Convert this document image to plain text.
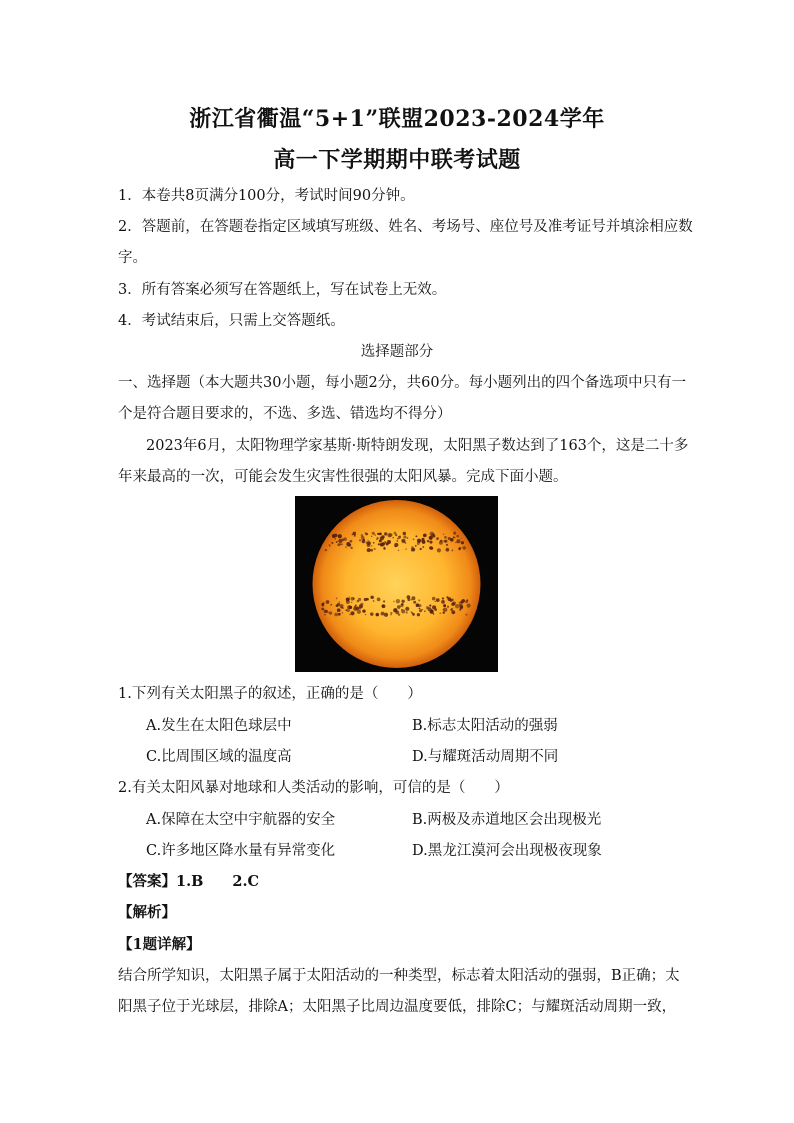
浙江省衢温“5+1”联盟2023-2024学年
高一下学期期中联考试题
1．本卷共8页满分100分，考试时间90分钟。
2．答题前，在答题卷指定区域填写班级、姓名、考场号、座位号及准考证号并填涂相应数
字。
3．所有答案必须写在答题纸上，写在试卷上无效。
4．考试结束后，只需上交答题纸。
选择题部分
一、选择题（本大题共30小题，每小题2分，共60分。每小题列出的四个备选项中只有一
个是符合题目要求的，不选、多选、错选均不得分）
2023年6月，太阳物理学家基斯·斯特朗发现，太阳黑子数达到了163个，这是二十多
年来最高的一次，可能会发生灾害性很强的太阳风暴。完成下面小题。
1.下列有关太阳黑子的叙述，正确的是（　　）
A.发生在太阳色球层中	B.标志太阳活动的强弱
C.比周围区域的温度高	D.与耀斑活动周期不同
2.有关太阳风暴对地球和人类活动的影响，可信的是（　　）
A.保障在太空中宇航器的安全	B.两极及赤道地区会出现极光
C.许多地区降水量有异常变化	D.黑龙江漠河会出现极夜现象
【答案】1.B　　2.C
【解析】
【1题详解】
结合所学知识，太阳黑子属于太阳活动的一种类型，标志着太阳活动的强弱，B正确；太
阳黑子位于光球层，排除A；太阳黑子比周边温度要低，排除C；与耀斑活动周期一致，
